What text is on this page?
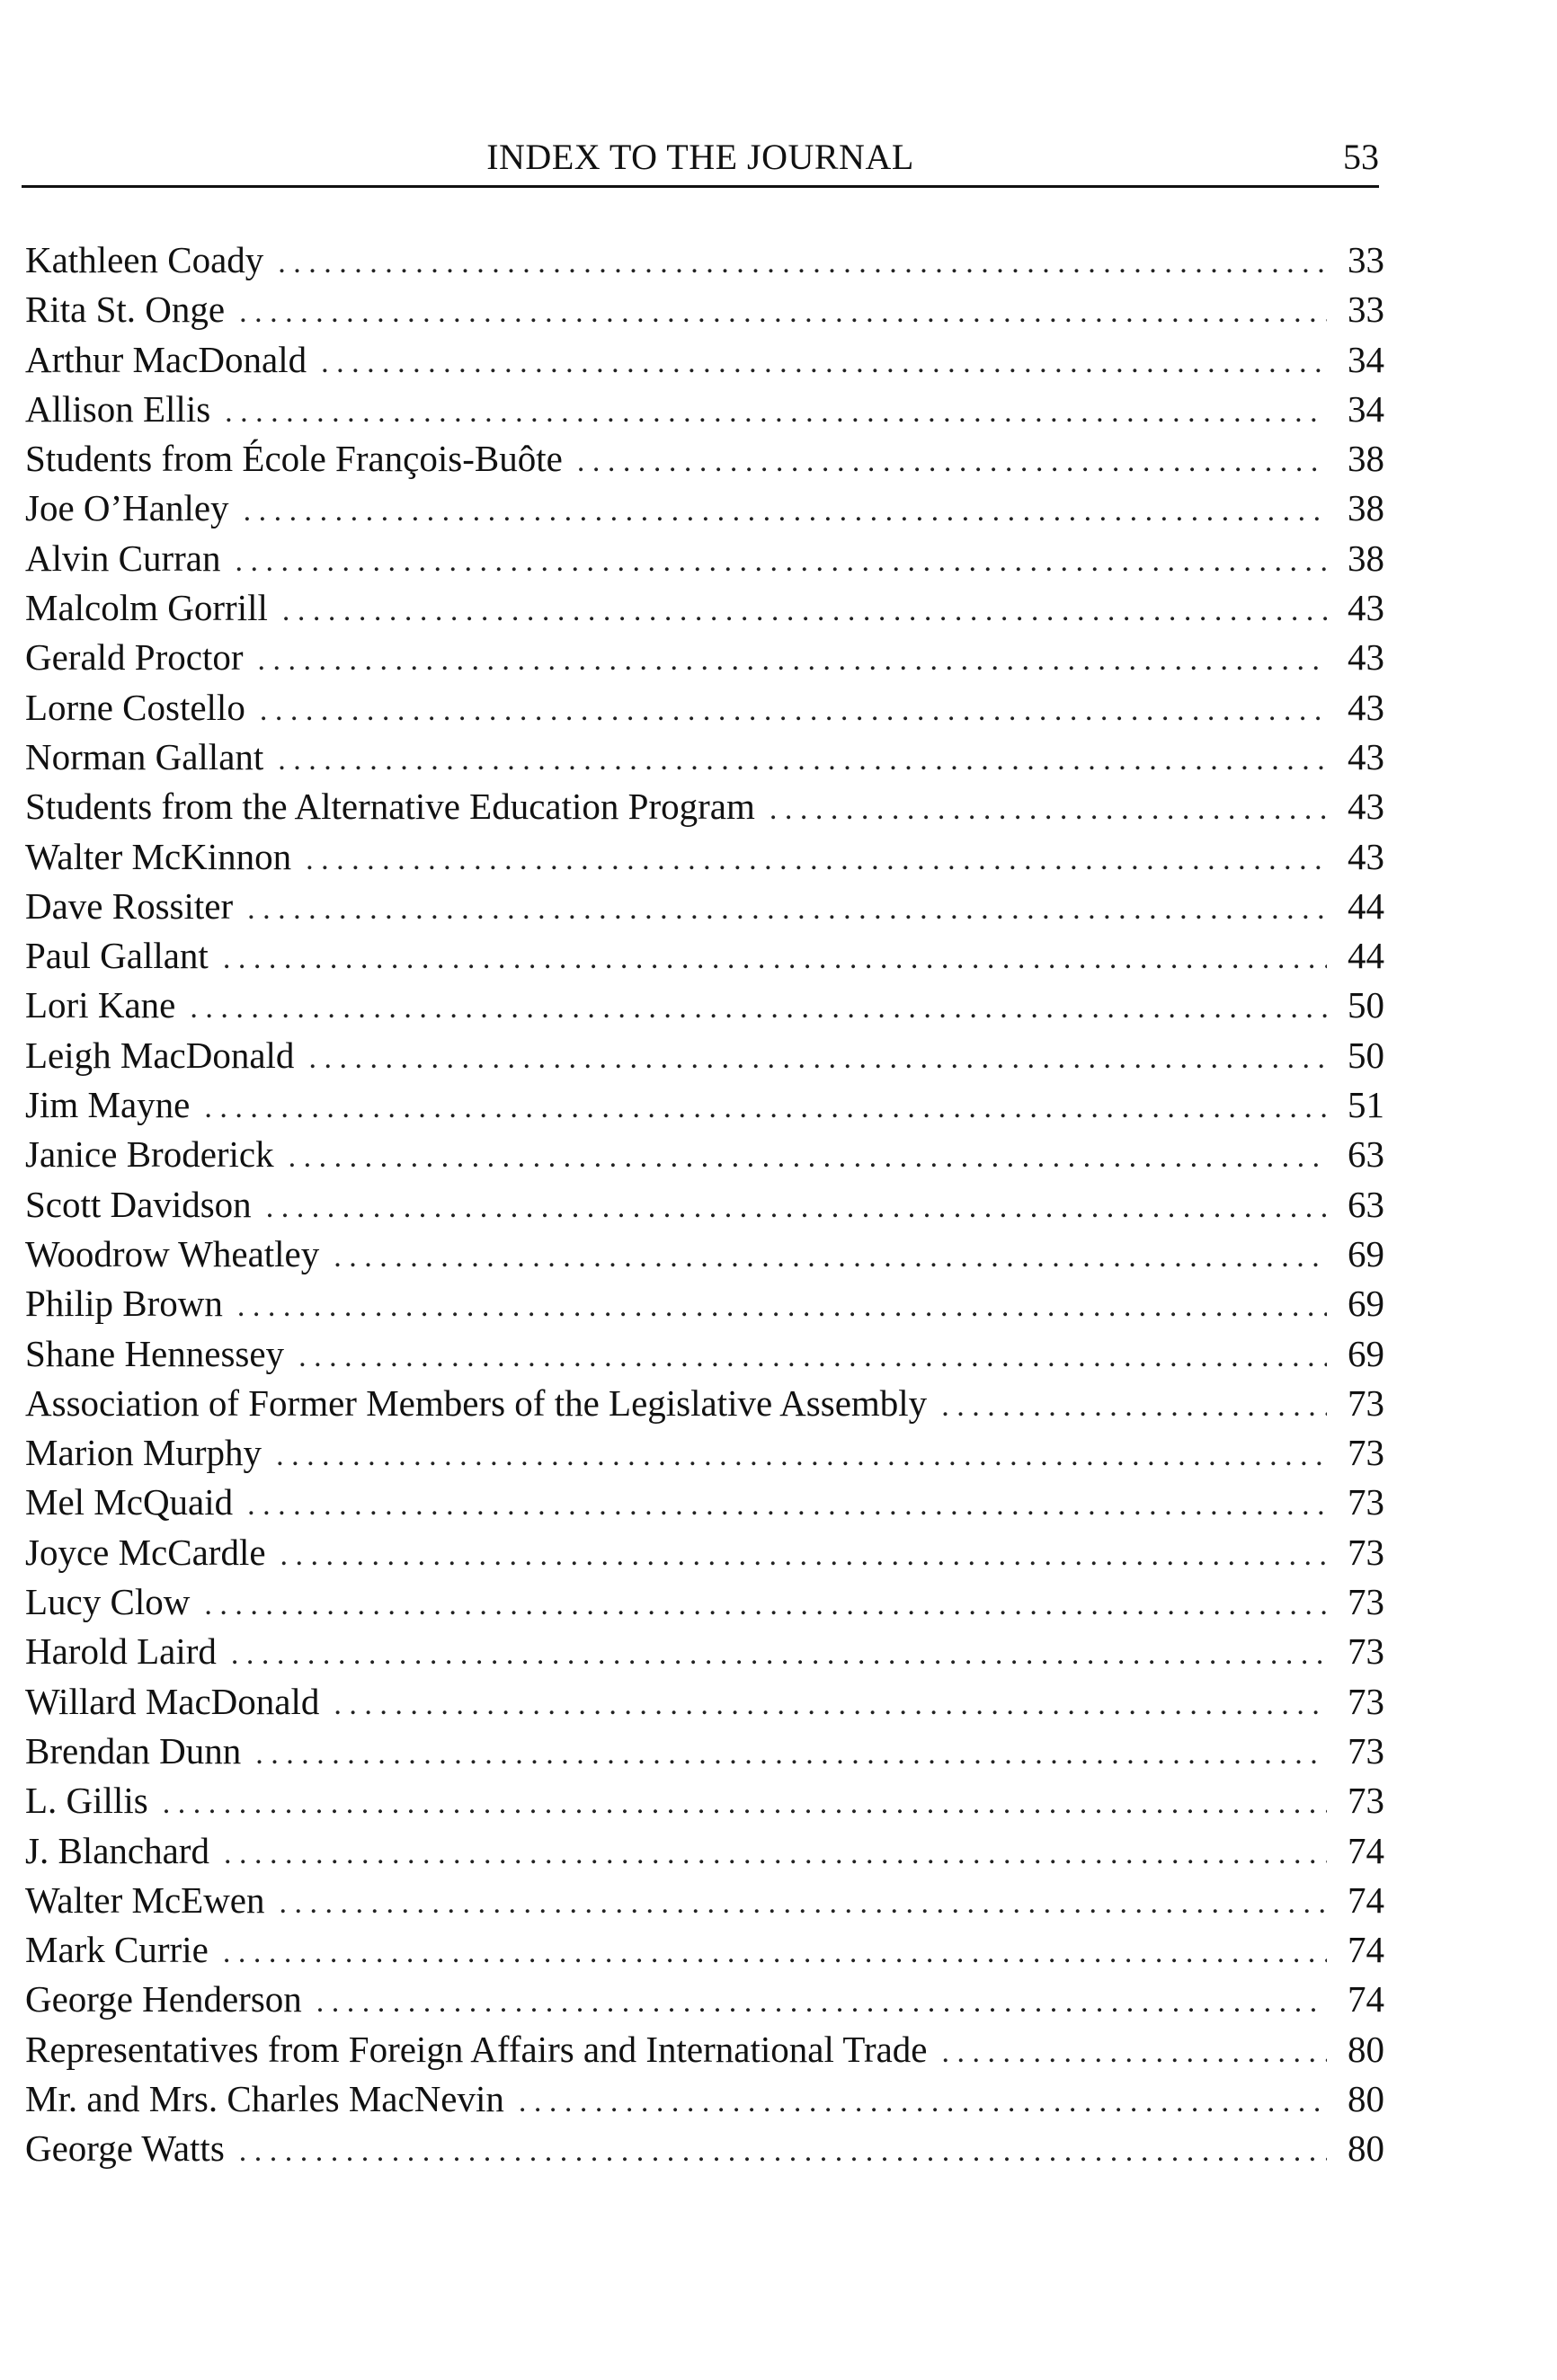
INDEX TO THE JOURNAL	53
Kathleen Coady . . .	33
Rita St. Onge . . .	33
Arthur MacDonald . . .	34
Allison Ellis . . .	34
Students from École François-Buôte . . .	38
Joe O’Hanley . . .	38
Alvin Curran . . .	38
Malcolm Gorrill . . .	43
Gerald Proctor . . .	43
Lorne Costello . . .	43
Norman Gallant . . .	43
Students from the Alternative Education Program . . .	43
Walter McKinnon . . .	43
Dave Rossiter . . .	44
Paul Gallant . . .	44
Lori Kane . . .	50
Leigh MacDonald . . .	50
Jim Mayne . . .	51
Janice Broderick . . .	63
Scott Davidson . . .	63
Woodrow Wheatley . . .	69
Philip Brown . . .	69
Shane Hennessey . . .	69
Association of Former Members of the Legislative Assembly . . .	73
Marion Murphy . . .	73
Mel McQuaid . . .	73
Joyce McCardle . . .	73
Lucy Clow . . .	73
Harold Laird . . .	73
Willard MacDonald . . .	73
Brendan Dunn . . .	73
L. Gillis . . .	73
J. Blanchard . . .	74
Walter McEwen . . .	74
Mark Currie . . .	74
George Henderson . . .	74
Representatives from Foreign Affairs and International Trade . . .	80
Mr. and Mrs. Charles MacNevin . . .	80
George Watts . . .	80
